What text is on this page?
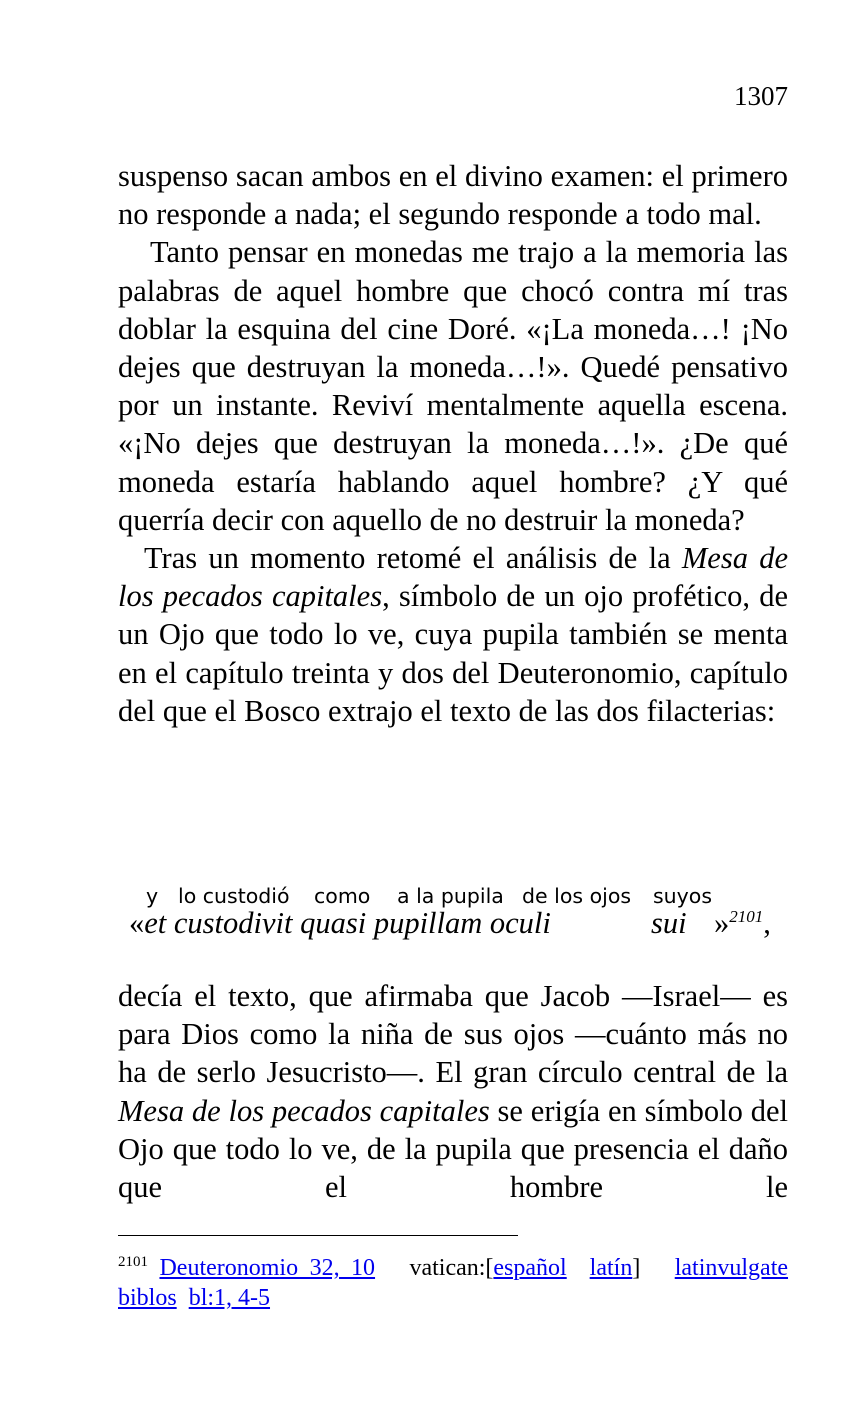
1307

suspenso sacan ambos en el divino examen: el primero no responde a nada; el segundo responde a todo mal.

Tanto pensar en monedas me trajo a la memoria las palabras de aquel hombre que chocó contra mí tras doblar la esquina del cine Doré. «¡La moneda…! ¡No dejes que destruyan la moneda…!». Quedé pensativo por un instante. Reviví mentalmente aquella escena. «¡No dejes que destruyan la moneda…!». ¿De qué moneda estaría hablando aquel hombre? ¿Y qué querría decir con aquello de no destruir la moneda?

Tras un momento retomé el análisis de la Mesa de los pecados capitales, símbolo de un ojo profético, de un Ojo que todo lo ve, cuya pupila también se menta en el capítulo treinta y dos del Deuteronomio, capítulo del que el Bosco extrajo el texto de las dos filacterias:

y lo custodió como a la pupila de los ojos suyos
«et custodivit quasi pupillam oculi	sui »$^{2101}$,

decía el texto, que afirmaba que Jacob —Israel— es para Dios como la niña de sus ojos —cuánto más no ha de serlo Jesucristo—. El gran círculo central de la Mesa de los pecados capitales se erigía en símbolo del Ojo que todo lo ve, de la pupila que presencia el daño que el hombre le

$^{2101}$ Deuteronomio 32, 10 vatican:[español latín] latinvulgate biblos bl:1, 4-5
